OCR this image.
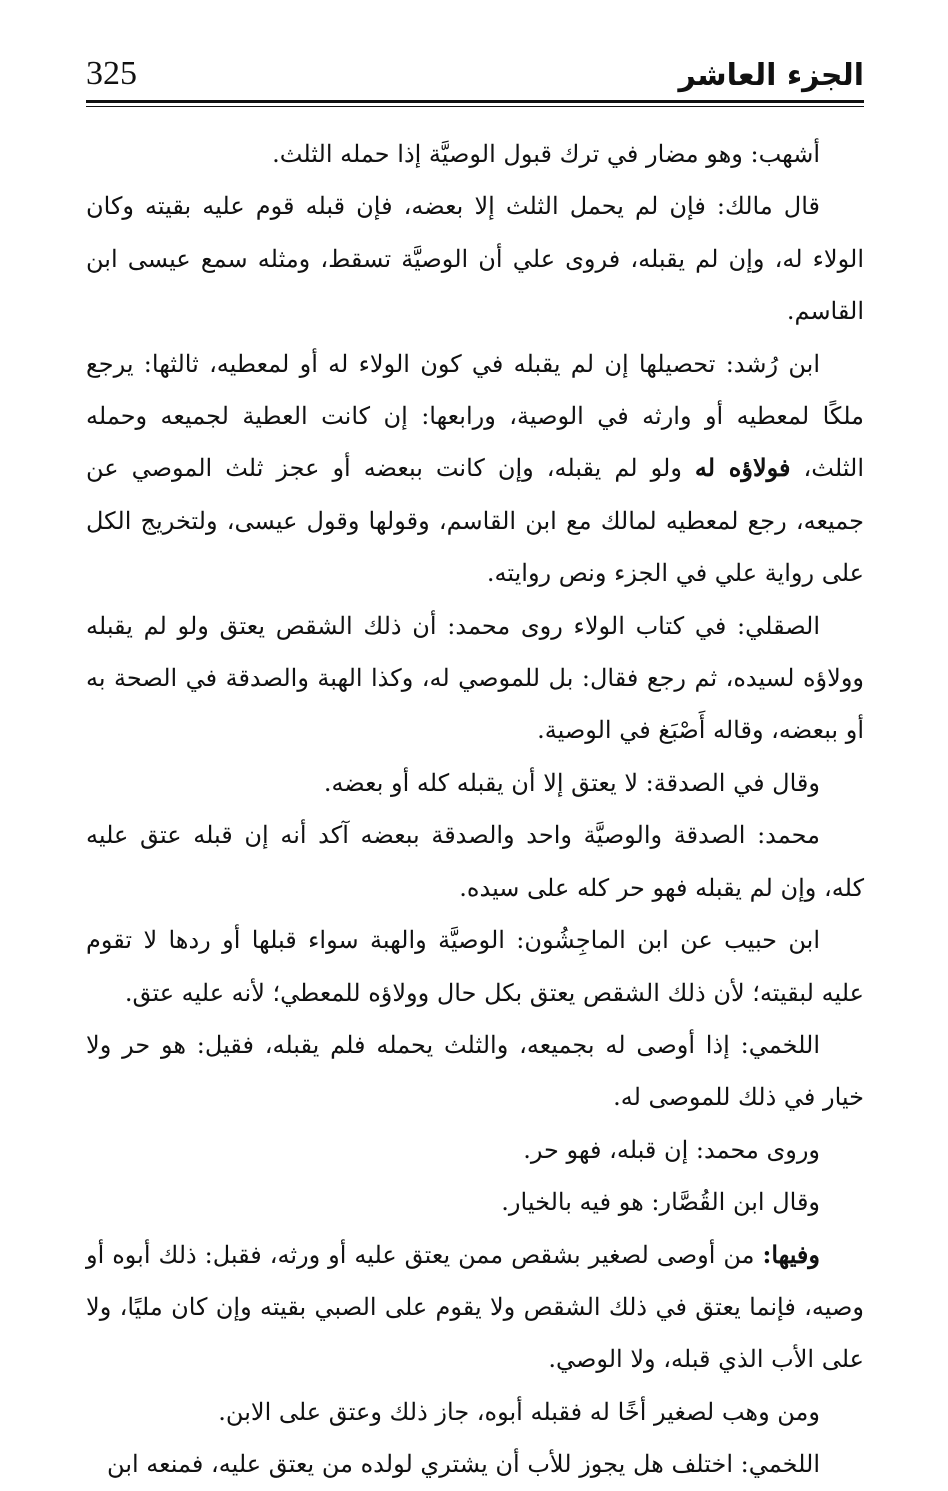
325	الجزء العاشر

أشهب: وهو مضار في ترك قبول الوصيَّة إذا حمله الثلث.

قال مالك: فإن لم يحمل الثلث إلا بعضه، فإن قبله قوم عليه بقيته وكان الولاء له، وإن لم يقبله، فروى علي أن الوصيَّة تسقط، ومثله سمع عيسى ابن القاسم.

ابن رُشد: تحصيلها إن لم يقبله في كون الولاء له أو لمعطيه، ثالثها: يرجع ملكًا لمعطيه أو وارثه في الوصية، ورابعها: إن كانت العطية لجميعه وحمله الثلث، فولاؤه له ولو لم يقبله، وإن كانت ببعضه أو عجز ثلث الموصي عن جميعه، رجع لمعطيه لمالك مع ابن القاسم، وقولها وقول عيسى، ولتخريج الكل على رواية علي في الجزء ونص روايته.

الصقلي: في كتاب الولاء روى محمد: أن ذلك الشقص يعتق ولو لم يقبله وولاؤه لسيده، ثم رجع فقال: بل للموصي له، وكذا الهبة والصدقة في الصحة به أو ببعضه، وقاله أَصْبَغ في الوصية.

وقال في الصدقة: لا يعتق إلا أن يقبله كله أو بعضه.

محمد: الصدقة والوصيَّة واحد والصدقة ببعضه آكد أنه إن قبله عتق عليه كله، وإن لم يقبله فهو حر كله على سيده.

ابن حبيب عن ابن الماجِشُون: الوصيَّة والهبة سواء قبلها أو ردها لا تقوم عليه لبقيته؛ لأن ذلك الشقص يعتق بكل حال وولاؤه للمعطي؛ لأنه عليه عتق.

اللخمي: إذا أوصى له بجميعه، والثلث يحمله فلم يقبله، فقيل: هو حر ولا خيار في ذلك للموصى له.

وروى محمد: إن قبله، فهو حر.

وقال ابن القُصَّار: هو فيه بالخيار.

وفيها: من أوصى لصغير بشقص ممن يعتق عليه أو ورثه، فقبل: ذلك أبوه أو وصيه، فإنما يعتق في ذلك الشقص ولا يقوم على الصبي بقيته وإن كان مليًا، ولا على الأب الذي قبله، ولا الوصي.

ومن وهب لصغير أخًا له فقبله أبوه، جاز ذلك وعتق على الابن.

اللخمي: اختلف هل يجوز للأب أن يشتري لولده من يعتق عليه، فمنعه ابن
